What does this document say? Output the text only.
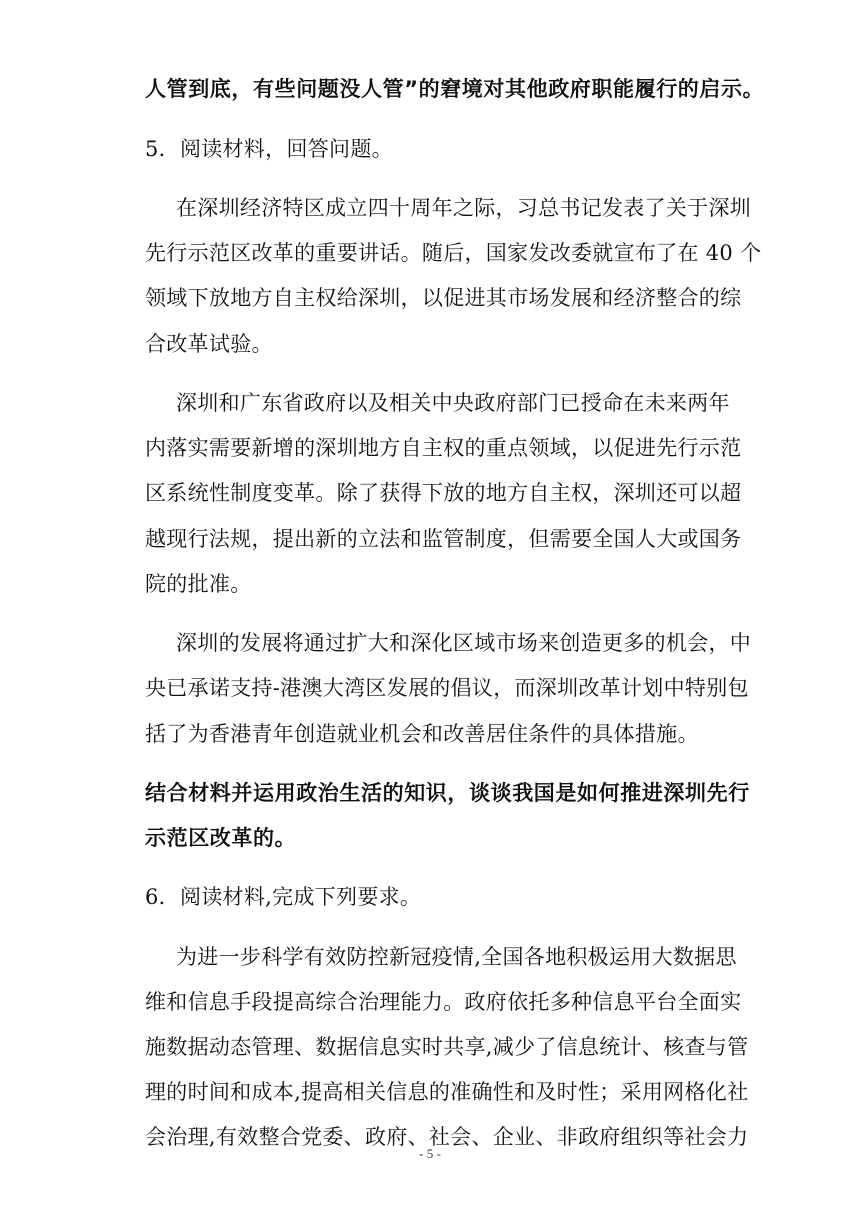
人管到底，有些问题没人管”的窘境对其他政府职能履行的启示。
5．阅读材料，回答问题。
在深圳经济特区成立四十周年之际，习总书记发表了关于深圳
先行示范区改革的重要讲话。随后，国家发改委就宣布了在 40 个
领域下放地方自主权给深圳，以促进其市场发展和经济整合的综
合改革试验。
深圳和广东省政府以及相关中央政府部门已授命在未来两年
内落实需要新增的深圳地方自主权的重点领域，以促进先行示范
区系统性制度变革。除了获得下放的地方自主权，深圳还可以超
越现行法规，提出新的立法和监管制度，但需要全国人大或国务
院的批准。
深圳的发展将通过扩大和深化区域市场来创造更多的机会，中
央已承诺支持-港澳大湾区发展的倡议，而深圳改革计划中特别包
括了为香港青年创造就业机会和改善居住条件的具体措施。
结合材料并运用政治生活的知识，谈谈我国是如何推进深圳先行
示范区改革的。
6．阅读材料,完成下列要求。
为进一步科学有效防控新冠疫情,全国各地积极运用大数据思
维和信息手段提高综合治理能力。政府依托多种信息平台全面实
施数据动态管理、数据信息实时共享,减少了信息统计、核查与管
理的时间和成本,提高相关信息的准确性和及时性；采用网格化社
会治理,有效整合党委、政府、社会、企业、非政府组织等社会力
- 5 -
